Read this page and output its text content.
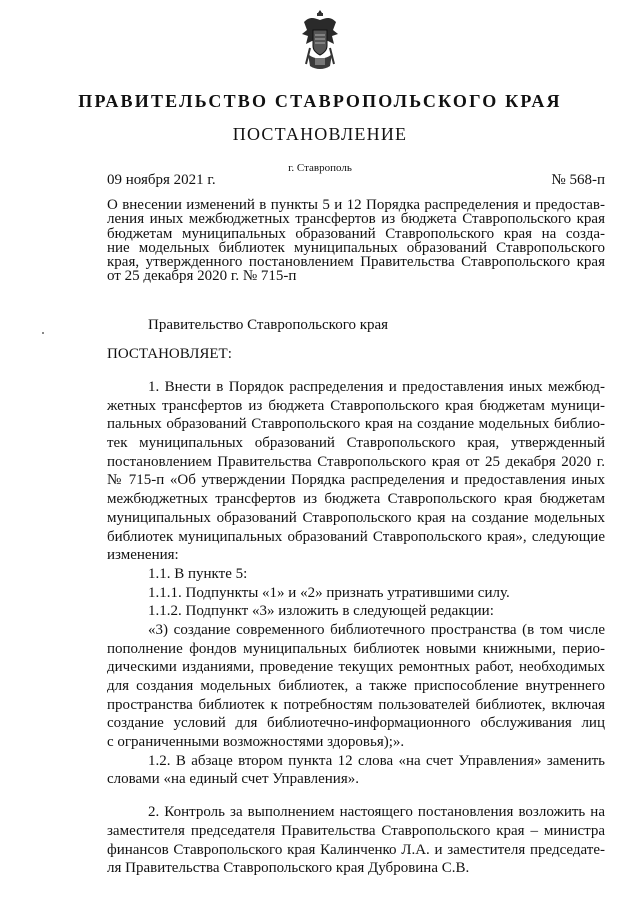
ПРАВИТЕЛЬСТВО СТАВРОПОЛЬСКОГО КРАЯ
ПОСТАНОВЛЕНИЕ
г. Ставрополь
09 ноября 2021 г.	№ 568-п
О внесении изменений в пункты 5 и 12 Порядка распределения и предостав-
ления иных межбюджетных трансфертов из бюджета Ставропольского края
бюджетам муниципальных образований Ставропольского края на созда-
ние модельных библиотек муниципальных образований Ставропольского
края, утвержденного постановлением Правительства Ставропольского края
от 25 декабря 2020 г. № 715-п
Правительство Ставропольского края
ПОСТАНОВЛЯЕТ:
1. Внести в Порядок распределения и предоставления иных межбюд-
жетных трансфертов из бюджета Ставропольского края бюджетам муници-
пальных образований Ставропольского края на создание модельных библио-
тек муниципальных образований Ставропольского края, утвержденный
постановлением Правительства Ставропольского края от 25 декабря 2020 г.
№ 715-п «Об утверждении Порядка распределения и предоставления иных
межбюджетных трансфертов из бюджета Ставропольского края бюджетам
муниципальных образований Ставропольского края на создание модельных
библиотек муниципальных образований Ставропольского края», следующие
изменения:
1.1. В пункте 5:
1.1.1. Подпункты «1» и «2» признать утратившими силу.
1.1.2. Подпункт «3» изложить в следующей редакции:
«3) создание современного библиотечного пространства (в том числе
пополнение фондов муниципальных библиотек новыми книжными, перио-
дическими изданиями, проведение текущих ремонтных работ, необходимых
для создания модельных библиотек, а также приспособление внутреннего
пространства библиотек к потребностям пользователей библиотек, включая
создание условий для библиотечно-информационного обслуживания лиц
с ограниченными возможностями здоровья);».
1.2. В абзаце втором пункта 12 слова «на счет Управления» заменить
словами «на единый счет Управления».
2. Контроль за выполнением настоящего постановления возложить на
заместителя председателя Правительства Ставропольского края – министра
финансов Ставропольского края Калинченко Л.А. и заместителя председате-
ля Правительства Ставропольского края Дубровина С.В.
